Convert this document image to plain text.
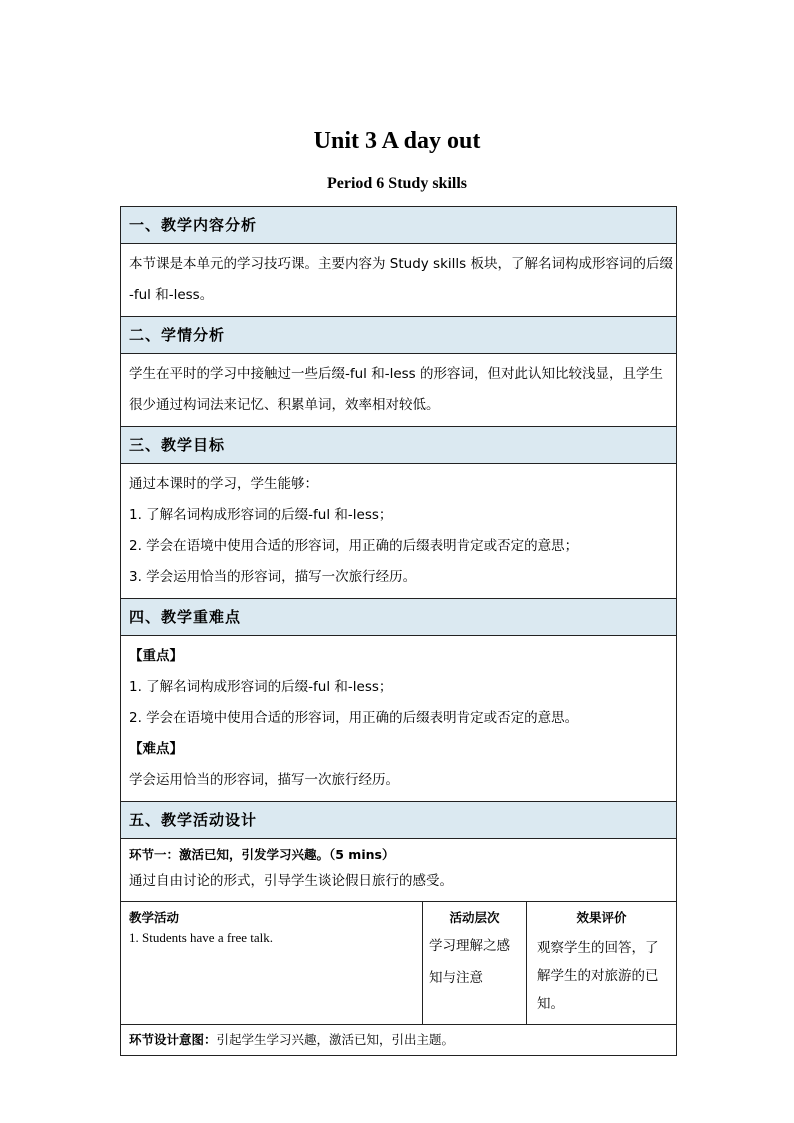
Unit 3 A day out
Period 6 Study skills
一、教学内容分析
本节课是本单元的学习技巧课。主要内容为 Study skills 板块，了解名词构成形容词的后缀
-ful 和-less。
二、学情分析
学生在平时的学习中接触过一些后缀-ful 和-less 的形容词，但对此认知比较浅显，且学生
很少通过构词法来记忆、积累单词，效率相对较低。
三、教学目标
通过本课时的学习，学生能够：
1. 了解名词构成形容词的后缀-ful 和-less；
2. 学会在语境中使用合适的形容词，用正确的后缀表明肯定或否定的意思；
3. 学会运用恰当的形容词，描写一次旅行经历。
四、教学重难点
【重点】
1. 了解名词构成形容词的后缀-ful 和-less；
2. 学会在语境中使用合适的形容词，用正确的后缀表明肯定或否定的意思。
【难点】
学会运用恰当的形容词，描写一次旅行经历。
五、教学活动设计
环节一：激活已知，引发学习兴趣。（5 mins）
通过自由讨论的形式，引导学生谈论假日旅行的感受。
教学活动
1. Students have a free talk.
活动层次
学习理解之感
知与注意
效果评价
观察学生的回答，了
解学生的对旅游的已
知。
环节设计意图：引起学生学习兴趣，激活已知，引出主题。
